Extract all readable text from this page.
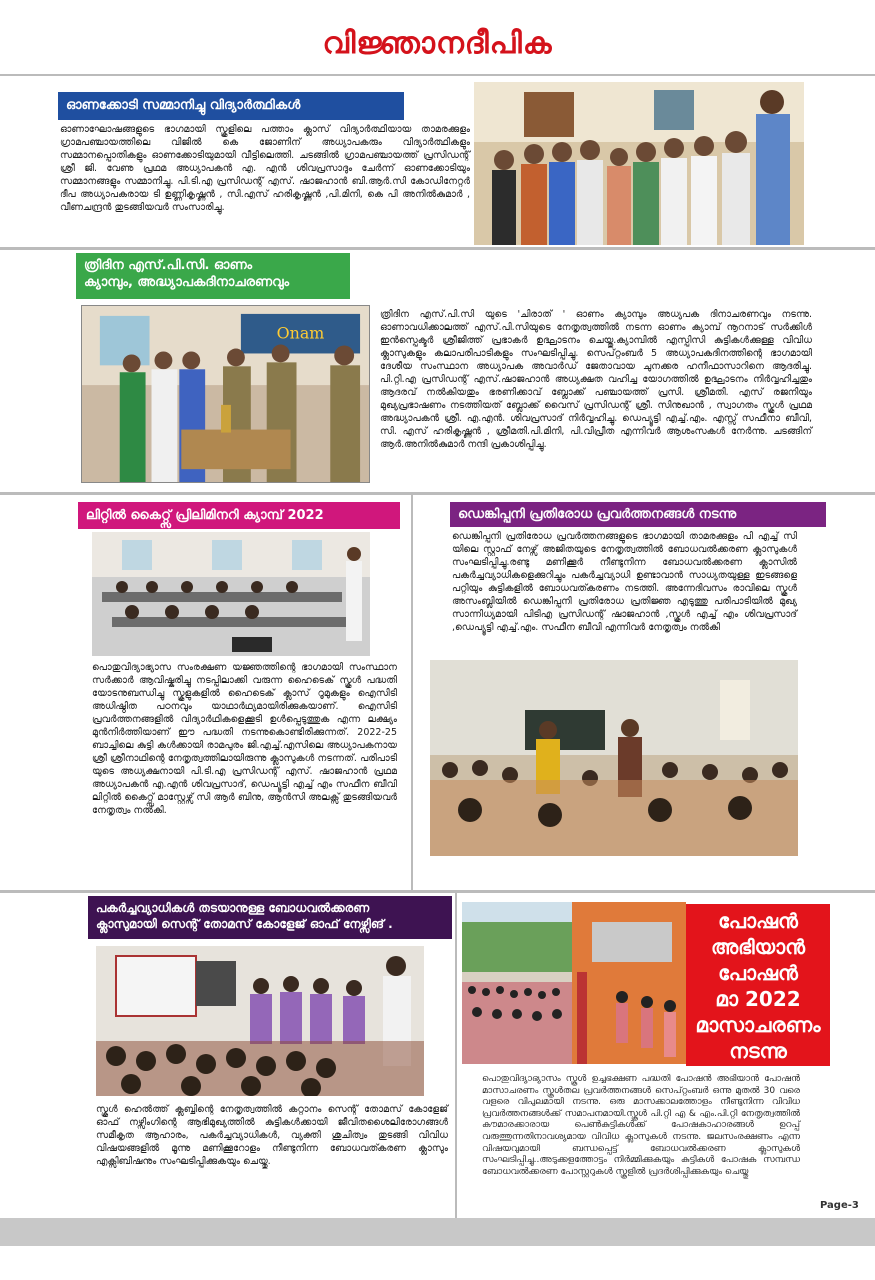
വിജ്ഞാനദീപിക
ഓണക്കോടി സമ്മാനിച്ചു വിദ്യാർത്ഥികൾ

ഓണാഘോഷങ്ങളുടെ ഭാഗമായി സ്കൂളിലെ പത്താം ക്ലാസ് വിദ്യാർത്ഥിയായ താമരക്കുളം ഗ്രാമപഞ്ചായത്തിലെ വിജിൽ കെ ജോണിന് അധ്യാപകരും വിദ്യാർത്ഥികളും സമ്മാനപ്പൊതികളും ഓണക്കോടിയുമായി വീട്ടിലെത്തി. ചടങ്ങിൽ ഗ്രാമപഞ്ചായത്ത് പ്രസിഡന്റ് ശ്രീ ജി. വേണു പ്രഥമ അധ്യാപകൻ എ. എൻ ശിവപ്രസാദും ചേർന്ന് ഓണക്കോടിയും സമ്മാനങ്ങളും സമ്മാനിച്ചു. പി.ടി.എ പ്രസിഡന്റ് എസ്. ഷാജഹാൻ ബി.ആർ.സി കോഡിനേറ്റർ ദീപ അധ്യാപകരായ ടി ഉണ്ണികൃഷ്ണൻ , സി.എസ് ഹരികൃഷ്ണൻ ,പി.മിനി, കെ പി അനിൽകുമാർ , വീണചന്ദ്രൻ തുടങ്ങിയവർ സംസാരിച്ചു.

ത്രിദിന എസ്.പി.സി. ഓണം
ക്യാമ്പും, അദ്ധ്യാപകദിനാചരണവും
Onam

ത്രിദിന എസ്.പി.സി യുടെ 'ചിരാത് ' ഓണം ക്യാമ്പും അധ്യപക ദിനാചരണവും നടന്നു. ഓണാവധിക്കാലത്ത് എസ്.പി.സിയുടെ നേതൃത്വത്തിൽ നടന്ന ഓണം ക്യാമ്പ് നൂറനാട് സർക്കിൾ ഇൻസ്പെക്ടർ ശ്രീജിത്ത് പ്രഭാകർ ഉദ്ഘാടനം ചെയ്തു.ക്യാമ്പിൽ എസ്പിസി കുട്ടികൾക്കുള്ള വിവിധ ക്ലാസുകളും കലാപരിപാടികളും സംഘടിപ്പിച്ചു. സെപ്റ്റംബർ 5 അധ്യാപകദിനത്തിന്റെ ഭാഗമായി ദേശീയ സംസ്ഥാന അധ്യാപക അവാർഡ് ജേതാവായ ചുനക്കര ഹനീഫാസാറിനെ ആദരിച്ചു. പി.റ്റി.എ പ്രസിഡന്റ് എസ്.ഷാജഹാൻ അധ്യക്ഷത വഹിച്ച യോഗത്തിൽ ഉദ്ഘാടനം നിർവ്വഹിച്ചതും ആദരവ് നൽകിയതും ഭരണിക്കാവ് ബ്ലോക്ക് പഞ്ചായത്ത് പ്രസി. ശ്രീമതി. എസ് രജനിയും മുഖ്യപ്രഭാഷണം നടത്തിയത് ബ്ലോക്ക് വൈസ് പ്രസിഡന്റ് ശ്രീ. സിനുഖാൻ , സ്വാഗതം സ്കൂൾ പ്രഥമ അദ്ധ്യാപകൻ ശ്രീ. എ.എൻ. ശിവപ്രസാദ് നിർവ്വഹിച്ചു. ഡെപ്യൂട്ടി എച്ച്.എം. എസ്സ് സഫീനാ ബീവി, സി. എസ് ഹരികൃഷ്ണൻ , ശ്രീമതി.പി.മിനി, പി.വിപ്രീത എന്നിവർ ആശംസകൾ നേർന്നു. ചടങ്ങിന് ആർ.അനിൽകുമാർ നന്ദി പ്രകാശിപ്പിച്ചു.

ലിറ്റിൽ കൈറ്റ്സ് പ്രിലിമിനറി ക്യാമ്പ് 2022

പൊതുവിദ്യാഭ്യാസ സംരക്ഷണ യജ്ഞത്തിന്റെ ഭാഗമായി സംസ്ഥാന സർക്കാർ ആവിഷ്കരിച്ചു നടപ്പിലാക്കി വരുന്ന ഹൈടെക് സ്കൂൾ പദ്ധതി യോടനുബന്ധിച്ചു സ്കൂളുകളിൽ ഹൈടെക് ക്ലാസ് റൂമുകളും ഐസിടി അധിഷ്ഠിത പഠനവും യാഥാർഥ്യമായിരിക്കുകയാണ്. ഐസിടി പ്രവർത്തനങ്ങളിൽ വിദ്യാർഥികളെക്കൂടി ഉൾപ്പെടുത്തുക എന്ന ലക്ഷ്യം മുൻനിർത്തിയാണ് ഈ പദ്ധതി നടന്നുകൊണ്ടിരിക്കുന്നത്. 2022-25 ബാച്ചിലെ കുട്ടി കൾക്കായി രാമപുരം ജി.എച്ച്.എസിലെ അധ്യാപകനായ ശ്രീ ശ്രീനാഥിന്റെ നേതൃത്വത്തിലായിരുന്നു ക്ലാസുകൾ നടന്നത്. പരിപാടി യുടെ അധ്യക്ഷനായി പി.ടി.എ പ്രസിഡന്റ് എസ്. ഷാജഹാൻ പ്രഥമ അധ്യാപകൻ എ.എൻ ശിവപ്രസാദ്, ഡെപ്യൂട്ടി എച്ച് എം സഫീന ബീവി ലിറ്റിൽ കൈറ്റ്സ് മാസ്റ്റേഴ്സ് സി ആർ ബിനു, ആൻസി അലക്സ് തുടങ്ങിയവർ നേതൃത്വം നൽകി.

ഡെങ്കിപ്പനി പ്രതിരോധ പ്രവർത്തനങ്ങൾ നടന്നു

ഡെങ്കിപ്പനി പ്രതിരോധ പ്രവർത്തനങ്ങളുടെ ഭാഗമായി താമരക്കുളം പി എച്ച് സി യിലെ സ്റ്റാഫ് നേഴ്സ് അജിതയുടെ നേതൃത്വത്തിൽ ബോധവൽക്കരണ ക്ലാസുകൾ സംഘടിപ്പിച്ചു.രണ്ടു മണിക്കൂർ നീണ്ടുനിന്ന ബോധവൽക്കരണ ക്ലാസിൽ പകർച്ചവ്യാധികളെക്കുറിച്ചും പകർച്ചവ്യാധി ഉണ്ടാവാൻ സാധ്യതയുള്ള ഇടങ്ങളെ പറ്റിയും കുട്ടികളിൽ ബോധവത്കരണം നടത്തി. അന്നേദിവസം രാവിലെ സ്കൂൾ അസംബ്ലിയിൽ ഡെങ്കിപ്പനി പ്രതിരോധ പ്രതിജ്ഞ എടുത്തു പരിപാടിയിൽ മുഖ്യ സാന്നിധ്യമായി പിടിഎ പ്രസിഡന്റ് ഷാജഹാൻ ,സ്കൂൾ എച്ച് എം ശിവപ്രസാദ് ,ഡെപ്യൂട്ടി എച്ച്.എം. സഫീന ബീവി എന്നിവർ നേതൃത്വം നൽകി

പകർച്ചവ്യാധികൾ തടയാനുള്ള ബോധവൽക്കരണ
ക്ലാസുമായി സെന്റ് തോമസ് കോളേജ് ഓഫ് നേഴ്സിങ് .

സ്കൂൾ ഹെൽത്ത് ക്ലബ്ബിന്റെ നേതൃത്വത്തിൽ കറ്റാനം സെന്റ് തോമസ് കോളേജ് ഓഫ് നഴ്സിംഗിന്റെ ആഭിമുഖ്യത്തിൽ കുട്ടികൾക്കായി ജീവിതശൈലിരോഗങ്ങൾ സമീകൃത ആഹാരം, പകർച്ചവ്യാധികൾ, വ്യക്തി ശുചിത്വം തുടങ്ങി വിവിധ വിഷയങ്ങളിൽ മൂന്നു മണിക്കൂറോളം നീണ്ടുനിന്ന ബോധവത്കരണ ക്ലാസും എക്സിബിഷനും സംഘടിപ്പിക്കുകയും ചെയ്തു.

പോഷൻ
അഭിയാൻ
പോഷൻ
മാ 2022
മാസാചരണം
നടന്നു

പൊതുവിദ്യാഭ്യാസം സ്കൂൾ ഉച്ചഭക്ഷണ പദ്ധതി പോഷൻ അഭിയാൻ പോഷൻ മാസാചരണം സ്കൂൾതല പ്രവർത്തനങ്ങൾ സെപ്റ്റംബർ ഒന്നു മുതൽ 30 വരെ വളരെ വിപുലമായി നടന്നു. ഒരു മാസക്കാലത്തോളം നീണ്ടുനിന്ന വിവിധ പ്രവർത്തനങ്ങൾക്ക് സമാപനമായി.സ്കൂൾ പി.റ്റി എ & എം.പി.റ്റി നേതൃത്വത്തിൽ കൗമാരക്കാരായ പെൺകുട്ടികൾക്ക് പോഷകാഹാരങ്ങൾ ഉറപ്പ് വരുത്തുന്നതിനാവശ്യമായ വിവിധ ക്ലാസുകൾ നടന്നു. ജലസംരക്ഷണം എന്ന വിഷയവുമായി ബന്ധപ്പെട്ട് ബോധവൽക്കരണ ക്ലാസുകൾ സംഘടിപ്പിച്ചു..അടുക്കളത്തോട്ടം നിർമ്മിക്കുകയും കുട്ടികൾ പോഷക സമ്പന്ധ ബോധവൽക്കരണ പോസ്റ്ററുകൾ സ്കൂളിൽ പ്രദർശിപ്പിക്കുകയും ചെയ്തു

Page-3
